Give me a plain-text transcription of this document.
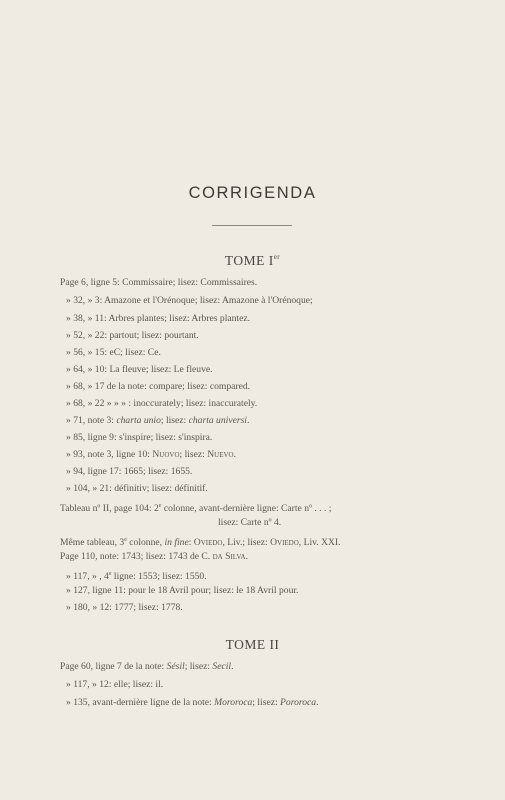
CORRIGENDA
TOME Ier
Page 6, ligne 5: Commissaire; lisez: Commissaires.
» 32, » 3: Amazone et l'Orénoque; lisez: Amazone à l'Orénoque;
» 38, » 11: Arbres plantes; lisez: Arbres plantez.
» 52, » 22: partout; lisez: pourtant.
» 56, » 15: eC; lisez: Ce.
» 64, » 10: La fleuve; lisez: Le fleuve.
» 68, » 17 de la note: compare; lisez: compared.
» 68, » 22 » » » : inoccurately; lisez: inaccurately.
» 71, note 3: charta unio; lisez: charta universi.
» 85, ligne 9: s'inspire; lisez: s'inspira.
» 93, note 3, ligne 10: Nuovo; lisez: Nuevo.
» 94, ligne 17: 1665; lisez: 1655.
» 104, » 21: définitiv; lisez: définitif.
Tableau nº II, page 104: 2e colonne, avant-dernière ligne: Carte nº . . . ;
lisez: Carte nº 4.
Même tableau, 3e colonne, in fine: Oviedo, Liv.; lisez: Oviedo, Liv. XXI.
Page 110, note: 1743; lisez: 1743 de C. da Silva.
» 117, » , 4e ligne: 1553; lisez: 1550.
» 127, ligne 11: pour le 18 Avril pour; lisez: le 18 Avril pour.
» 180, » 12: 1777; lisez: 1778.
TOME II
Page 60, ligne 7 de la note: Sésil; lisez: Secil.
» 117, » 12: elle; lisez: il.
» 135, avant-dernière ligne de la note: Mororoca; lisez: Pororoca.
